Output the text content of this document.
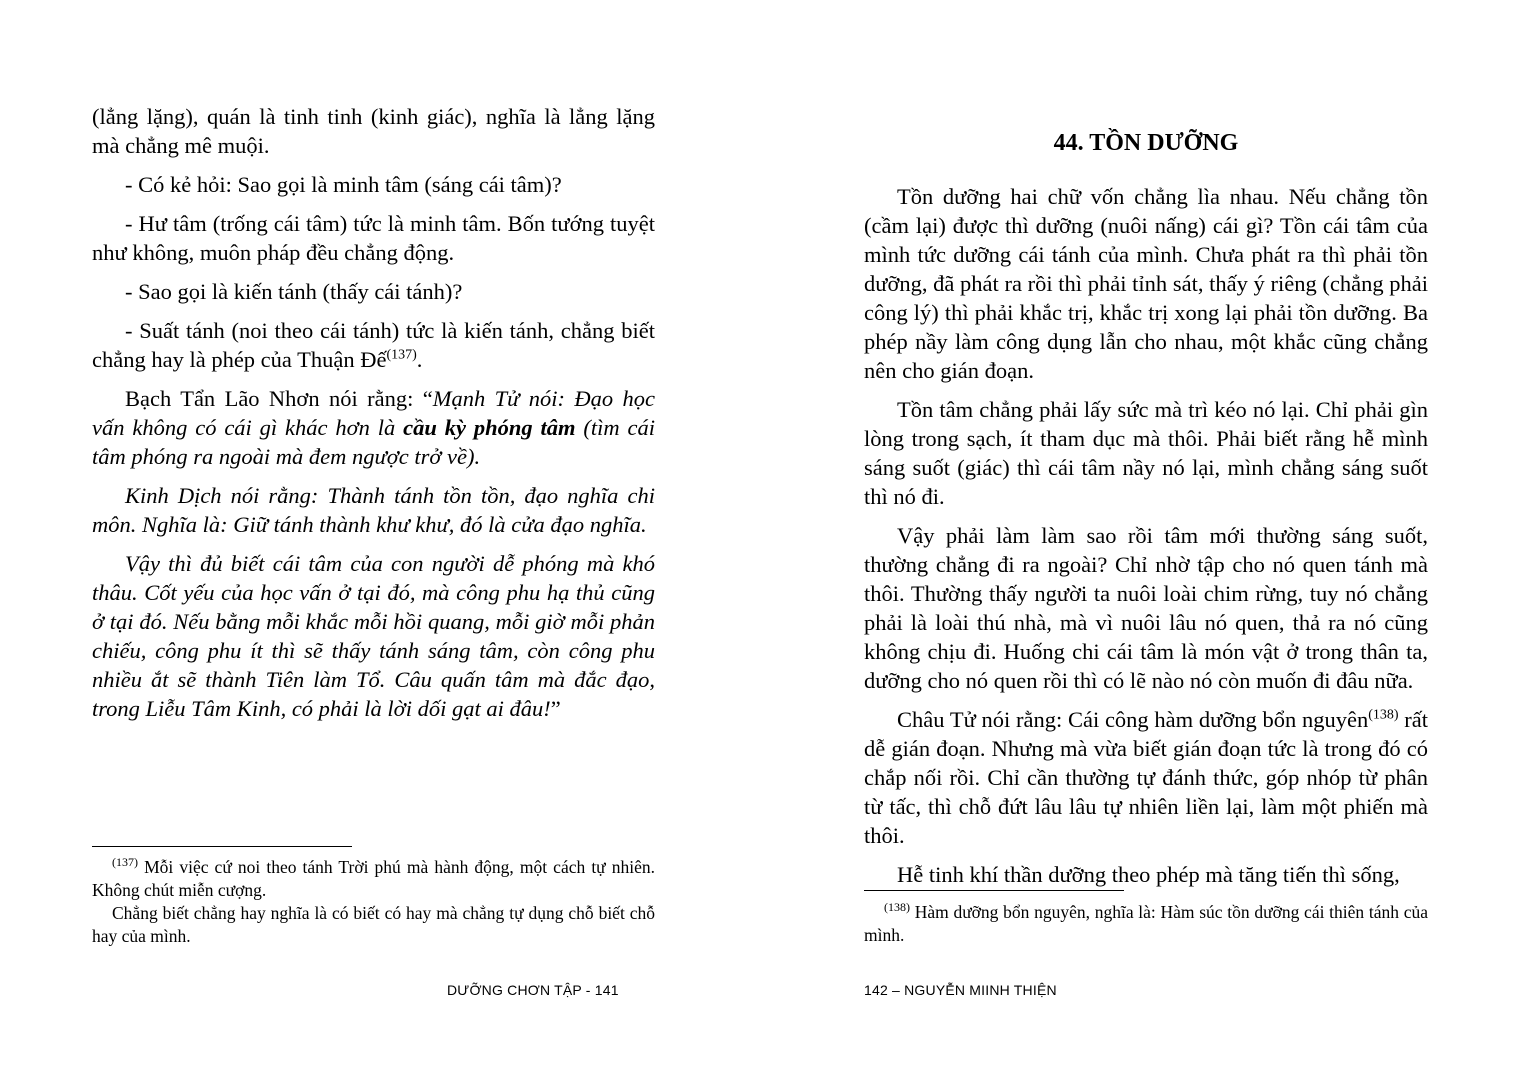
(lẳng lặng), quán là tinh tinh (kinh giác), nghĩa là lẳng lặng mà chẳng mê muội.

- Có kẻ hỏi: Sao gọi là minh tâm (sáng cái tâm)?

- Hư tâm (trống cái tâm) tức là minh tâm. Bốn tướng tuyệt như không, muôn pháp đều chẳng động.

- Sao gọi là kiến tánh (thấy cái tánh)?

- Suất tánh (noi theo cái tánh) tức là kiến tánh, chẳng biết chẳng hay là phép của Thuận Đế$^{(137)}$.

Bạch Tẩn Lão Nhơn nói rằng: “Mạnh Tử nói: Đạo học vấn không có cái gì khác hơn là cầu kỳ phóng tâm (tìm cái tâm phóng ra ngoài mà đem ngược trở về).

Kinh Dịch nói rằng: Thành tánh tồn tồn, đạo nghĩa chi môn. Nghĩa là: Giữ tánh thành khư khư, đó là cửa đạo nghĩa.

Vậy thì đủ biết cái tâm của con người dễ phóng mà khó thâu. Cốt yếu của học vấn ở tại đó, mà công phu hạ thủ cũng ở tại đó. Nếu bằng mỗi khắc mỗi hồi quang, mỗi giờ mỗi phản chiếu, công phu ít thì sẽ thấy tánh sáng tâm, còn công phu nhiều ắt sẽ thành Tiên làm Tổ. Câu quấn tâm mà đắc đạo, trong Liễu Tâm Kinh, có phải là lời dối gạt ai đâu!”

$^{(137)}$ Mỗi việc cứ noi theo tánh Trời phú mà hành động, một cách tự nhiên. Không chút miễn cượng.

Chẳng biết chẳng hay nghĩa là có biết có hay mà chẳng tự dụng chỗ biết chỗ hay của mình.

DƯỠNG CHƠN TẬP - 141
44. TỒN DƯỠNG

Tồn dưỡng hai chữ vốn chẳng lìa nhau. Nếu chẳng tồn (cầm lại) được thì dưỡng (nuôi nấng) cái gì? Tồn cái tâm của mình tức dưỡng cái tánh của mình. Chưa phát ra thì phải tồn dưỡng, đã phát ra rồi thì phải tỉnh sát, thấy ý riêng (chẳng phải công lý) thì phải khắc trị, khắc trị xong lại phải tồn dưỡng. Ba phép nầy làm công dụng lẫn cho nhau, một khắc cũng chẳng nên cho gián đoạn.

Tồn tâm chẳng phải lấy sức mà trì kéo nó lại. Chỉ phải gìn lòng trong sạch, ít tham dục mà thôi. Phải biết rằng hễ mình sáng suốt (giác) thì cái tâm nầy nó lại, mình chẳng sáng suốt thì nó đi.

Vậy phải làm làm sao rồi tâm mới thường sáng suốt, thường chẳng đi ra ngoài? Chỉ nhờ tập cho nó quen tánh mà thôi. Thường thấy người ta nuôi loài chim rừng, tuy nó chẳng phải là loài thú nhà, mà vì nuôi lâu nó quen, thả ra nó cũng không chịu đi. Huống chi cái tâm là món vật ở trong thân ta, dưỡng cho nó quen rồi thì có lẽ nào nó còn muốn đi đâu nữa.

Châu Tử nói rằng: Cái công hàm dưỡng bổn nguyên$^{(138)}$ rất dễ gián đoạn. Nhưng mà vừa biết gián đoạn tức là trong đó có chắp nối rồi. Chỉ cần thường tự đánh thức, góp nhóp từ phân từ tấc, thì chỗ đứt lâu lâu tự nhiên liền lại, làm một phiến mà thôi.

Hễ tinh khí thần dưỡng theo phép mà tăng tiến thì sống,

$^{(138)}$ Hàm dưỡng bổn nguyên, nghĩa là: Hàm súc tồn dưỡng cái thiên tánh của mình.

142 – NGUYỄN MIINH THIỆN
